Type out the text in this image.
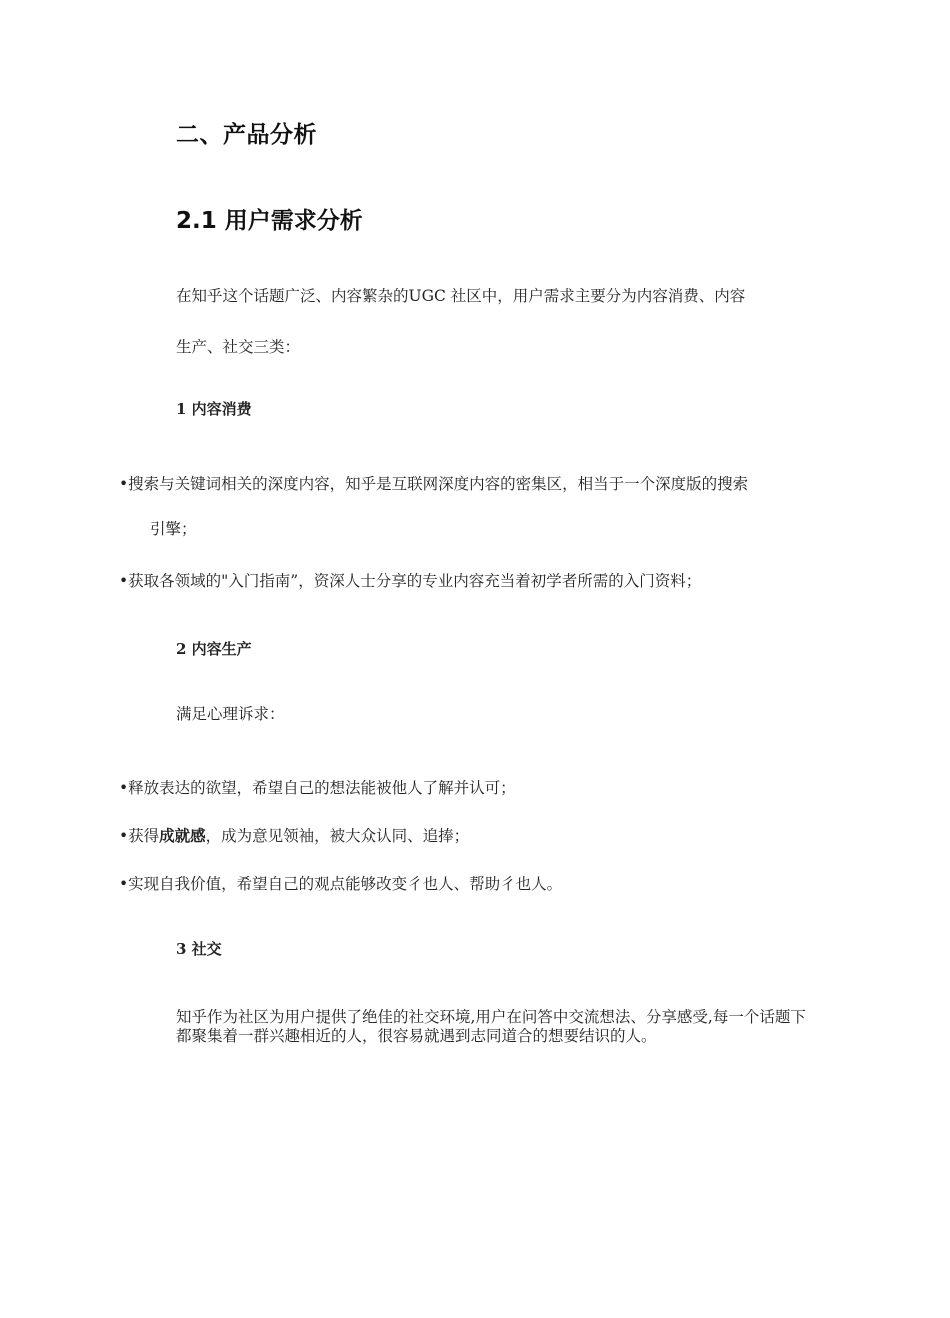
二、产品分析
2.1 用户需求分析
在知乎这个话题广泛、内容繁杂的UGC 社区中，用户需求主要分为内容消费、内容
生产、社交三类：
1 内容消费
•搜索与关键词相关的深度内容，知乎是互联网深度内容的密集区，相当于一个深度版的搜索
引擎；
•获取各领域的"入门指南”，资深人士分享的专业内容充当着初学者所需的入门资料；
2 内容生产
满足心理诉求：
•释放表达的欲望，希望自己的想法能被他人了解并认可；
•获得成就感，成为意见领袖，被大众认同、追捧；
•实现自我价值，希望自己的观点能够改变彳也人、帮助彳也人。
3 社交
知乎作为社区为用户提供了绝佳的社交环境,用户在问答中交流想法、分享感受,每一个话题下都聚集着一群兴趣相近的人，很容易就遇到志同道合的想要结识的人。
